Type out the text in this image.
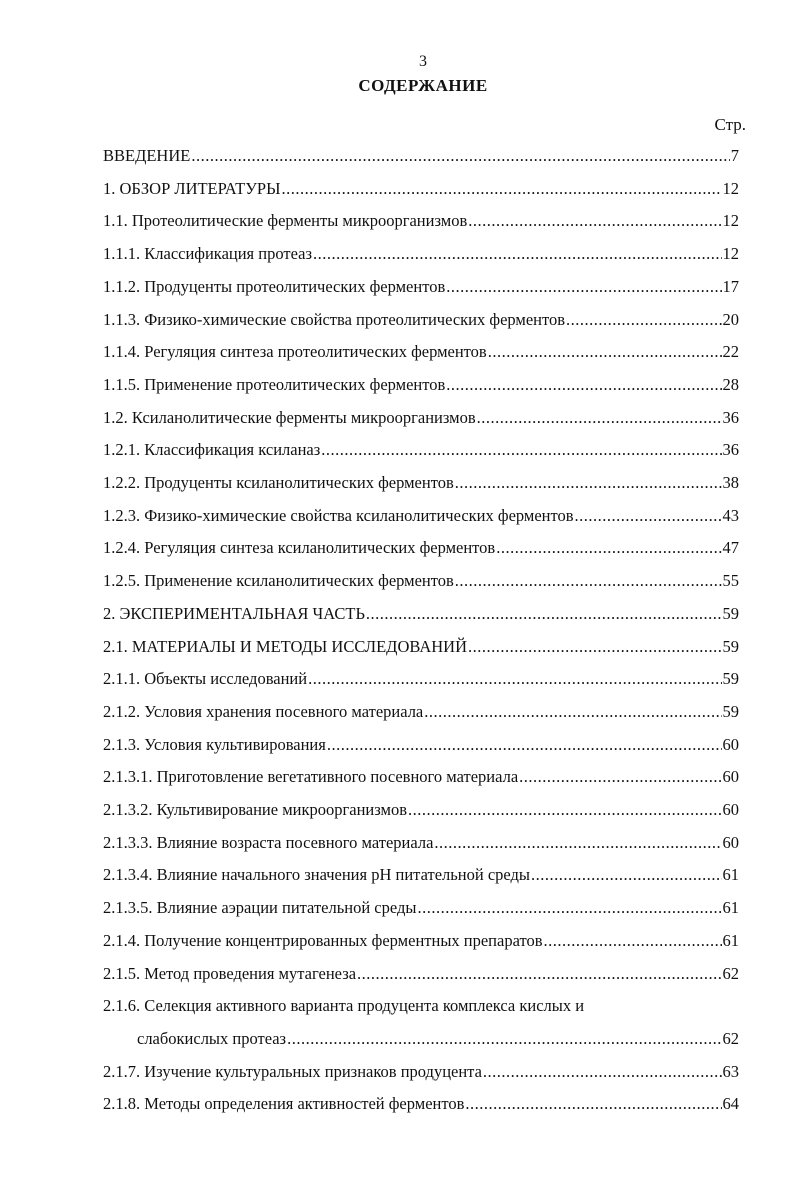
3
СОДЕРЖАНИЕ
Стр.
ВВЕДЕНИЕ .....	7
1. ОБЗОР ЛИТЕРАТУРЫ .....	12
1.1. Протеолитические ферменты микроорганизмов .....	12
1.1.1. Классификация протеаз .....	12
1.1.2. Продуценты протеолитических ферментов .....	17
1.1.3. Физико-химические свойства протеолитических ферментов .....	20
1.1.4. Регуляция синтеза протеолитических ферментов .....	22
1.1.5. Применение протеолитических ферментов .....	28
1.2. Ксиланолитические ферменты микроорганизмов .....	36
1.2.1. Классификация ксиланаз .....	36
1.2.2. Продуценты ксиланолитических ферментов .....	38
1.2.3. Физико-химические свойства ксиланолитических ферментов .....	43
1.2.4. Регуляция синтеза ксиланолитических ферментов .....	47
1.2.5. Применение ксиланолитических ферментов .....	55
2. ЭКСПЕРИМЕНТАЛЬНАЯ ЧАСТЬ .....	59
2.1. МАТЕРИАЛЫ И МЕТОДЫ ИССЛЕДОВАНИЙ .....	59
2.1.1. Объекты исследований .....	59
2.1.2. Условия хранения посевного материала .....	59
2.1.3. Условия культивирования .....	60
2.1.3.1. Приготовление вегетативного посевного материала .....	60
2.1.3.2. Культивирование микроорганизмов .....	60
2.1.3.3. Влияние возраста посевного материала .....	60
2.1.3.4. Влияние начального значения pH питательной среды .....	61
2.1.3.5. Влияние аэрации питательной среды .....	61
2.1.4. Получение концентрированных ферментных препаратов .....	61
2.1.5. Метод проведения мутагенеза .....	62
2.1.6. Селекция активного варианта продуцента комплекса кислых и
слабокислых протеаз .....	62
2.1.7. Изучение культуральных признаков продуцента .....	63
2.1.8. Методы определения активностей ферментов .....	64
